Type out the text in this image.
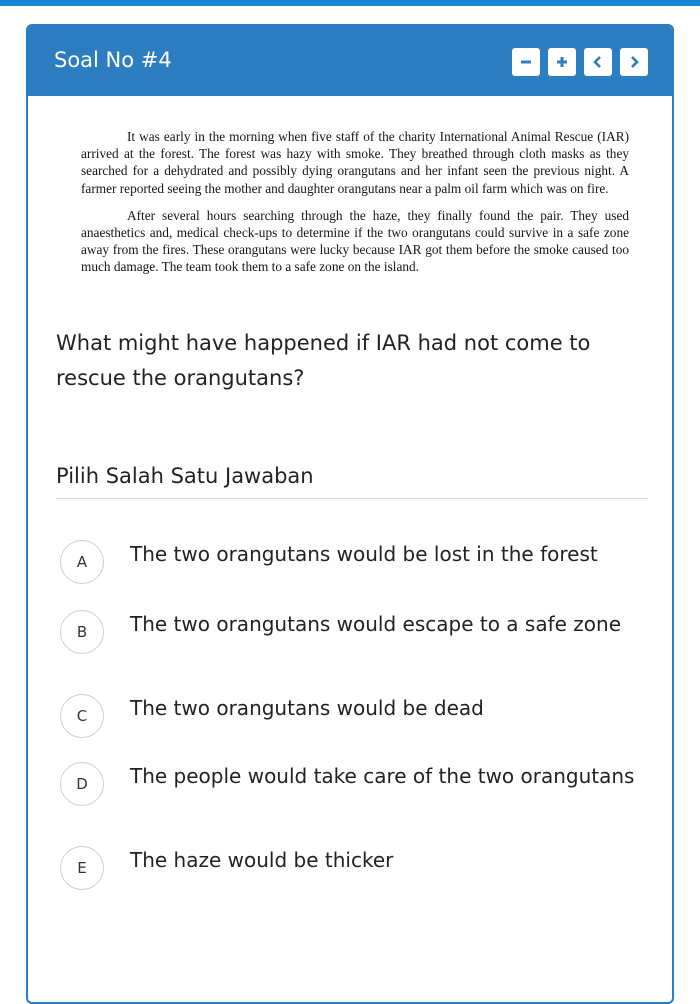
Soal No #4

It was early in the morning when five staff of the charity International Animal Rescue (IAR) arrived at the forest. The forest was hazy with smoke. They breathed through cloth masks as they searched for a dehydrated and possibly dying orangutans and her infant seen the previous night. A farmer reported seeing the mother and daughter orangutans near a palm oil farm which was on fire.

After several hours searching through the haze, they finally found the pair. They used anaesthetics and, medical check-ups to determine if the two orangutans could survive in a safe zone away from the fires. These orangutans were lucky because IAR got them before the smoke caused too much damage. The team took them to a safe zone on the island.

What might have happened if IAR had not come to rescue the orangutans?
Pilih Salah Satu Jawaban
A	The two orangutans would be lost in the forest
B	The two orangutans would escape to a safe zone
C	The two orangutans would be dead
D	The people would take care of the two orangutans
E	The haze would be thicker
